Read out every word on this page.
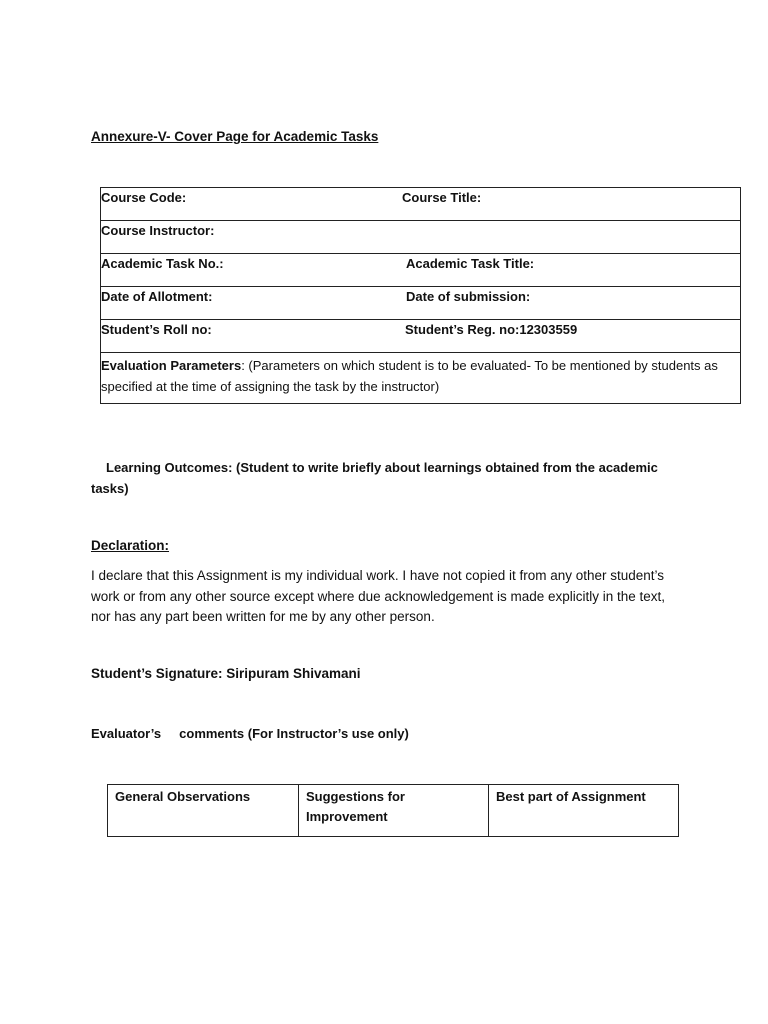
Annexure-V- Cover Page for Academic Tasks
Course Code:	Course Title:

Course Instructor:

Academic Task No.:	Academic Task Title:

Date of Allotment:	Date of submission:

Student’s Roll no:	Student’s Reg. no:12303559

Evaluation Parameters: (Parameters on which student is to be evaluated- To be mentioned by students as specified at the time of assigning the task by the instructor)
Learning Outcomes: (Student to write briefly about learnings obtained from the academic tasks)
Declaration:
I declare that this Assignment is my individual work. I have not copied it from any other student’s work or from any other source except where due acknowledgement is made explicitly in the text, nor has any part been written for me by any other person.
Student’s Signature: Siripuram Shivamani
Evaluator’s     comments (For Instructor’s use only)
General Observations	Suggestions for Improvement	Best part of Assignment
